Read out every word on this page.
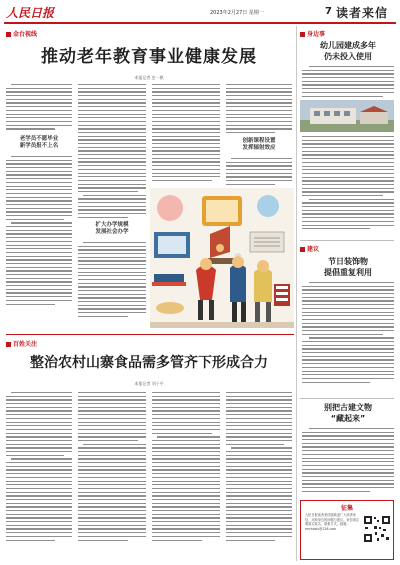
人民日报	2023年2月27日 星期一	7 读者来信
金台视线
推动老年教育事业健康发展
本报记者 史一棋
老学员不愿毕业
新学员报不上名
扩大办学规模
发展社会办学
创新课程设置
发挥辐射效应
百姓关注
整治农村山寨食品需多管齐下形成合力
本报记者 刘子平
身边事
幼儿园建成多年
仍未投入使用
建议
节日装饰物
提倡重复利用
别把古建文物
“藏起来”
征集
人民日报读者来信版欢迎广大读者来信，反映身边的问题与建议。来信请注明真实姓名、联系方式。邮箱：rmrbdzlx@126.com
